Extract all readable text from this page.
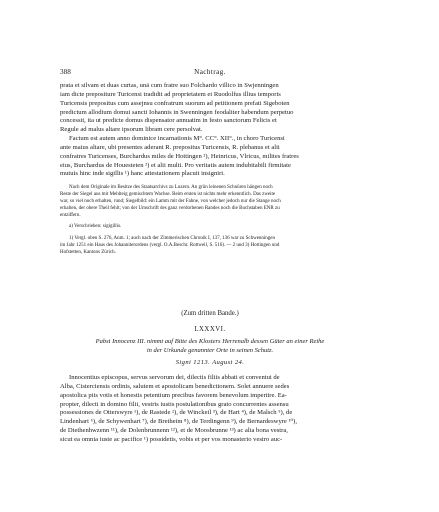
388	Nachtrag.

prata et silvam et duas curtas, unā cum fratre suo Folchardo villico in Swjenningen

iam dicte prepositure Turicensi tradidit ad proprietatem et Ruodolfus illius temporis

Turicensis prepositus cum assejnsu confratrum suorum ad petitionem prefati Sigeboten

predictum allodium domui sancti Iohannis in Swenningen feodaliter habendum perpetuo

concessit, ita ut predicte domus dispensator annuatim in festo sanctorum Felicis et

Regule ad malus altare ipsorum libram cere persolvat.

Factum est autem anno dominice incarnationis M°. CC°. XII°., in choro Turicensi

ante maius altare, ubi presentes aderant R. prepositus Turicensis, R. plebanus et alii

confratres Turicenses, Burchardus miles de Hottingen ²), Heinricus, Vlricus, milites fratres

eius, Burchardus de Houesteten ²) et alii multi. Pro veritatis autem indubitabili firmitate

mutuis hinc inde sigillis ¹) hanc attestationem placuit insigniri.

Nach dem Originale im Besitze des Staatsarchivs zu Luzern. An grün leinenen Schnüren hängen noch

Reste der Siegel aus mit Mehlteig gemischtem Wachse. Beim ersten ist nichts mehr erkenntlich. Das zweite

war, so viel noch erhalten, rund; Siegelbild: ein Lamm mit der Fahne, von welcher jedoch nur die Stange noch

erhalten, der obere Theil fehlt; von der Umschrift des ganz verdorbenen Randes noch die Buchstaben ENR zu

entziffern.

a) Verschrieben: sigigillis.

1) Vergl. oben S. 276, Anm. 1; auch nach der Zimmerischen Chronik I, 137, 136 war zu Schwenningen

im Jahr 1251 ein Haus des Johanniterordens (vergl. O.A.Beschr. Rottweil, S. 516). — 2 und 3) Hottingen und

Hofstetten, Kantons Zürich.

(Zum dritten Bande.)
LXXXVI.
Pabst Innocenz III. nimmt auf Bitte des Klosters Herrenalb dessen Güter an einer Reihe
in der Urkunde genannter Orte in seinen Schutz.
Signi 1213. August 24.

Innocentius episcopus, servus servorum dei, dilectis filiis abbati et conventui de

Alba, Cisterciensis ordinis, salutem et apostolicam benedictionem. Solet annuere sedes

apostolica piis votis et honestis petentium precibus favorem benevolum impertire. Ea-

propter, dilecti in domino filii, vestris iustis postulationibus grato concurrentes assensu

possessiones de Otterswyre ¹), de Rastede ²), de Winckeil ³), de Hart ⁴), de Malsch ⁵), de

Lindenhart ⁶), de Schywenhart ⁷), de Bretheim ⁸), de Terdingenn ⁹), de Bernardeswyre ¹⁰),

de Diethenhwzenn ¹¹), de Dolenbrunnenn ¹²), et de Moosbrunne ¹³) ac alia bona vestra,

sicut ea omnia iuste ac pacifice ¹) possidetis, vobis et per vos monasterio vestro auc-
